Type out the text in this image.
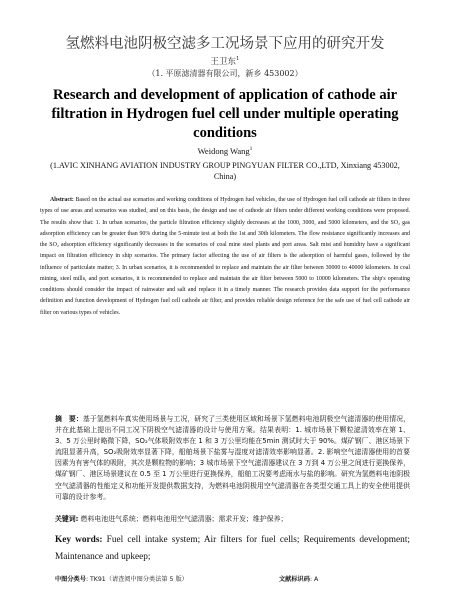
氢燃料电池阴极空滤多工况场景下应用的研究开发
王卫东$^1$
（1. 平原滤清器有限公司，新乡 453002）
Research and development of application of cathode air filtration in Hydrogen fuel cell under multiple operating conditions
Weidong Wang$^1$
(1.AVIC XINHANG AVIATION INDUSTRY GROUP PINGYUAN FILTER CO.,LTD, Xinxiang 453002, China)
Abstract: Based on the actual use scenarios and working conditions of Hydrogen fuel vehicles, the use of Hydrogen fuel cell cathode air filters in three types of use areas and scenarios was studied, and on this basis, the design and use of cathode air filters under different working conditions were proposed. The results show that: 1. In urban scenarios, the particle filtration efficiency slightly decreases at the 1000, 3000, and 5000 kilometers, and the SO₂ gas adsorption efficiency can be greater than 90% during the 5-minute test at both the 1st and 30th kilometers. The flow resistance significantly increases and the SO₂ adsorption efficiency significantly decreases in the scenarios of coal mine steel plants and port areas. Salt mist and humidity have a significant impact on filtration efficiency in ship scenarios. The primary factor affecting the use of air filters is the adsorption of harmful gases, followed by the influence of particulate matter; 3. In urban scenarios, it is recommended to replace and maintain the air filter between 30000 to 40000 kilometers. In coal mining, steel mills, and port scenarios, it is recommended to replace and maintain the air filter between 5000 to 10000 kilometers. The ship's operating conditions should consider the impact of rainwater and salt and replace it in a timely manner. The research provides data support for the performance definition and function development of Hydrogen fuel cell cathode air filter, and provides reliable design reference for the safe use of fuel cell cathode air filter on various types of vehicles.
摘　要：基于氢燃料车真实使用场景与工况，研究了三类使用区域和场景下氢燃料电池阴极空气滤清器的使用情况，并在此基础上提出不同工况下阴极空气滤清器的设计与使用方案。结果表明：1. 城市场景下颗粒滤清效率在第 1、3、5 万公里时略微下降，SO₂气体吸附效率在 1 和 3 万公里均能在5min 测试时大于 90%。煤矿钢厂、港区场景下流阻显著升高，SO₂吸附效率显著下降，船舶场景下盐雾与湿度对滤清效率影响显著。2. 影响空气滤清器使用的首要因素为有害气体的吸附，其次是颗粒物的影响；3 城市场景下空气滤清器建议在 3 万到 4 万公里之间进行更换保养，煤矿钢厂、港区场景建议在 0.5 至 1 万公里进行更换保养，船舶工况要考虑雨水与盐的影响。研究为氢燃料电池阴极空气滤清器的性能定义和功能开发提供数据支持，为燃料电池阴极用空气滤清器在各类型交通工具上的安全使用提供可靠的设计参考。
关键词: 燃料电池进气系统；燃料电池用空气滤清器；需求开发；维护保养；
Key words: Fuel cell intake system; Air filters for fuel cells; Requirements development; Maintenance and upkeep;
中图分类号: TK91（请查阅中图分类法第 5 版）	文献标识码: A
